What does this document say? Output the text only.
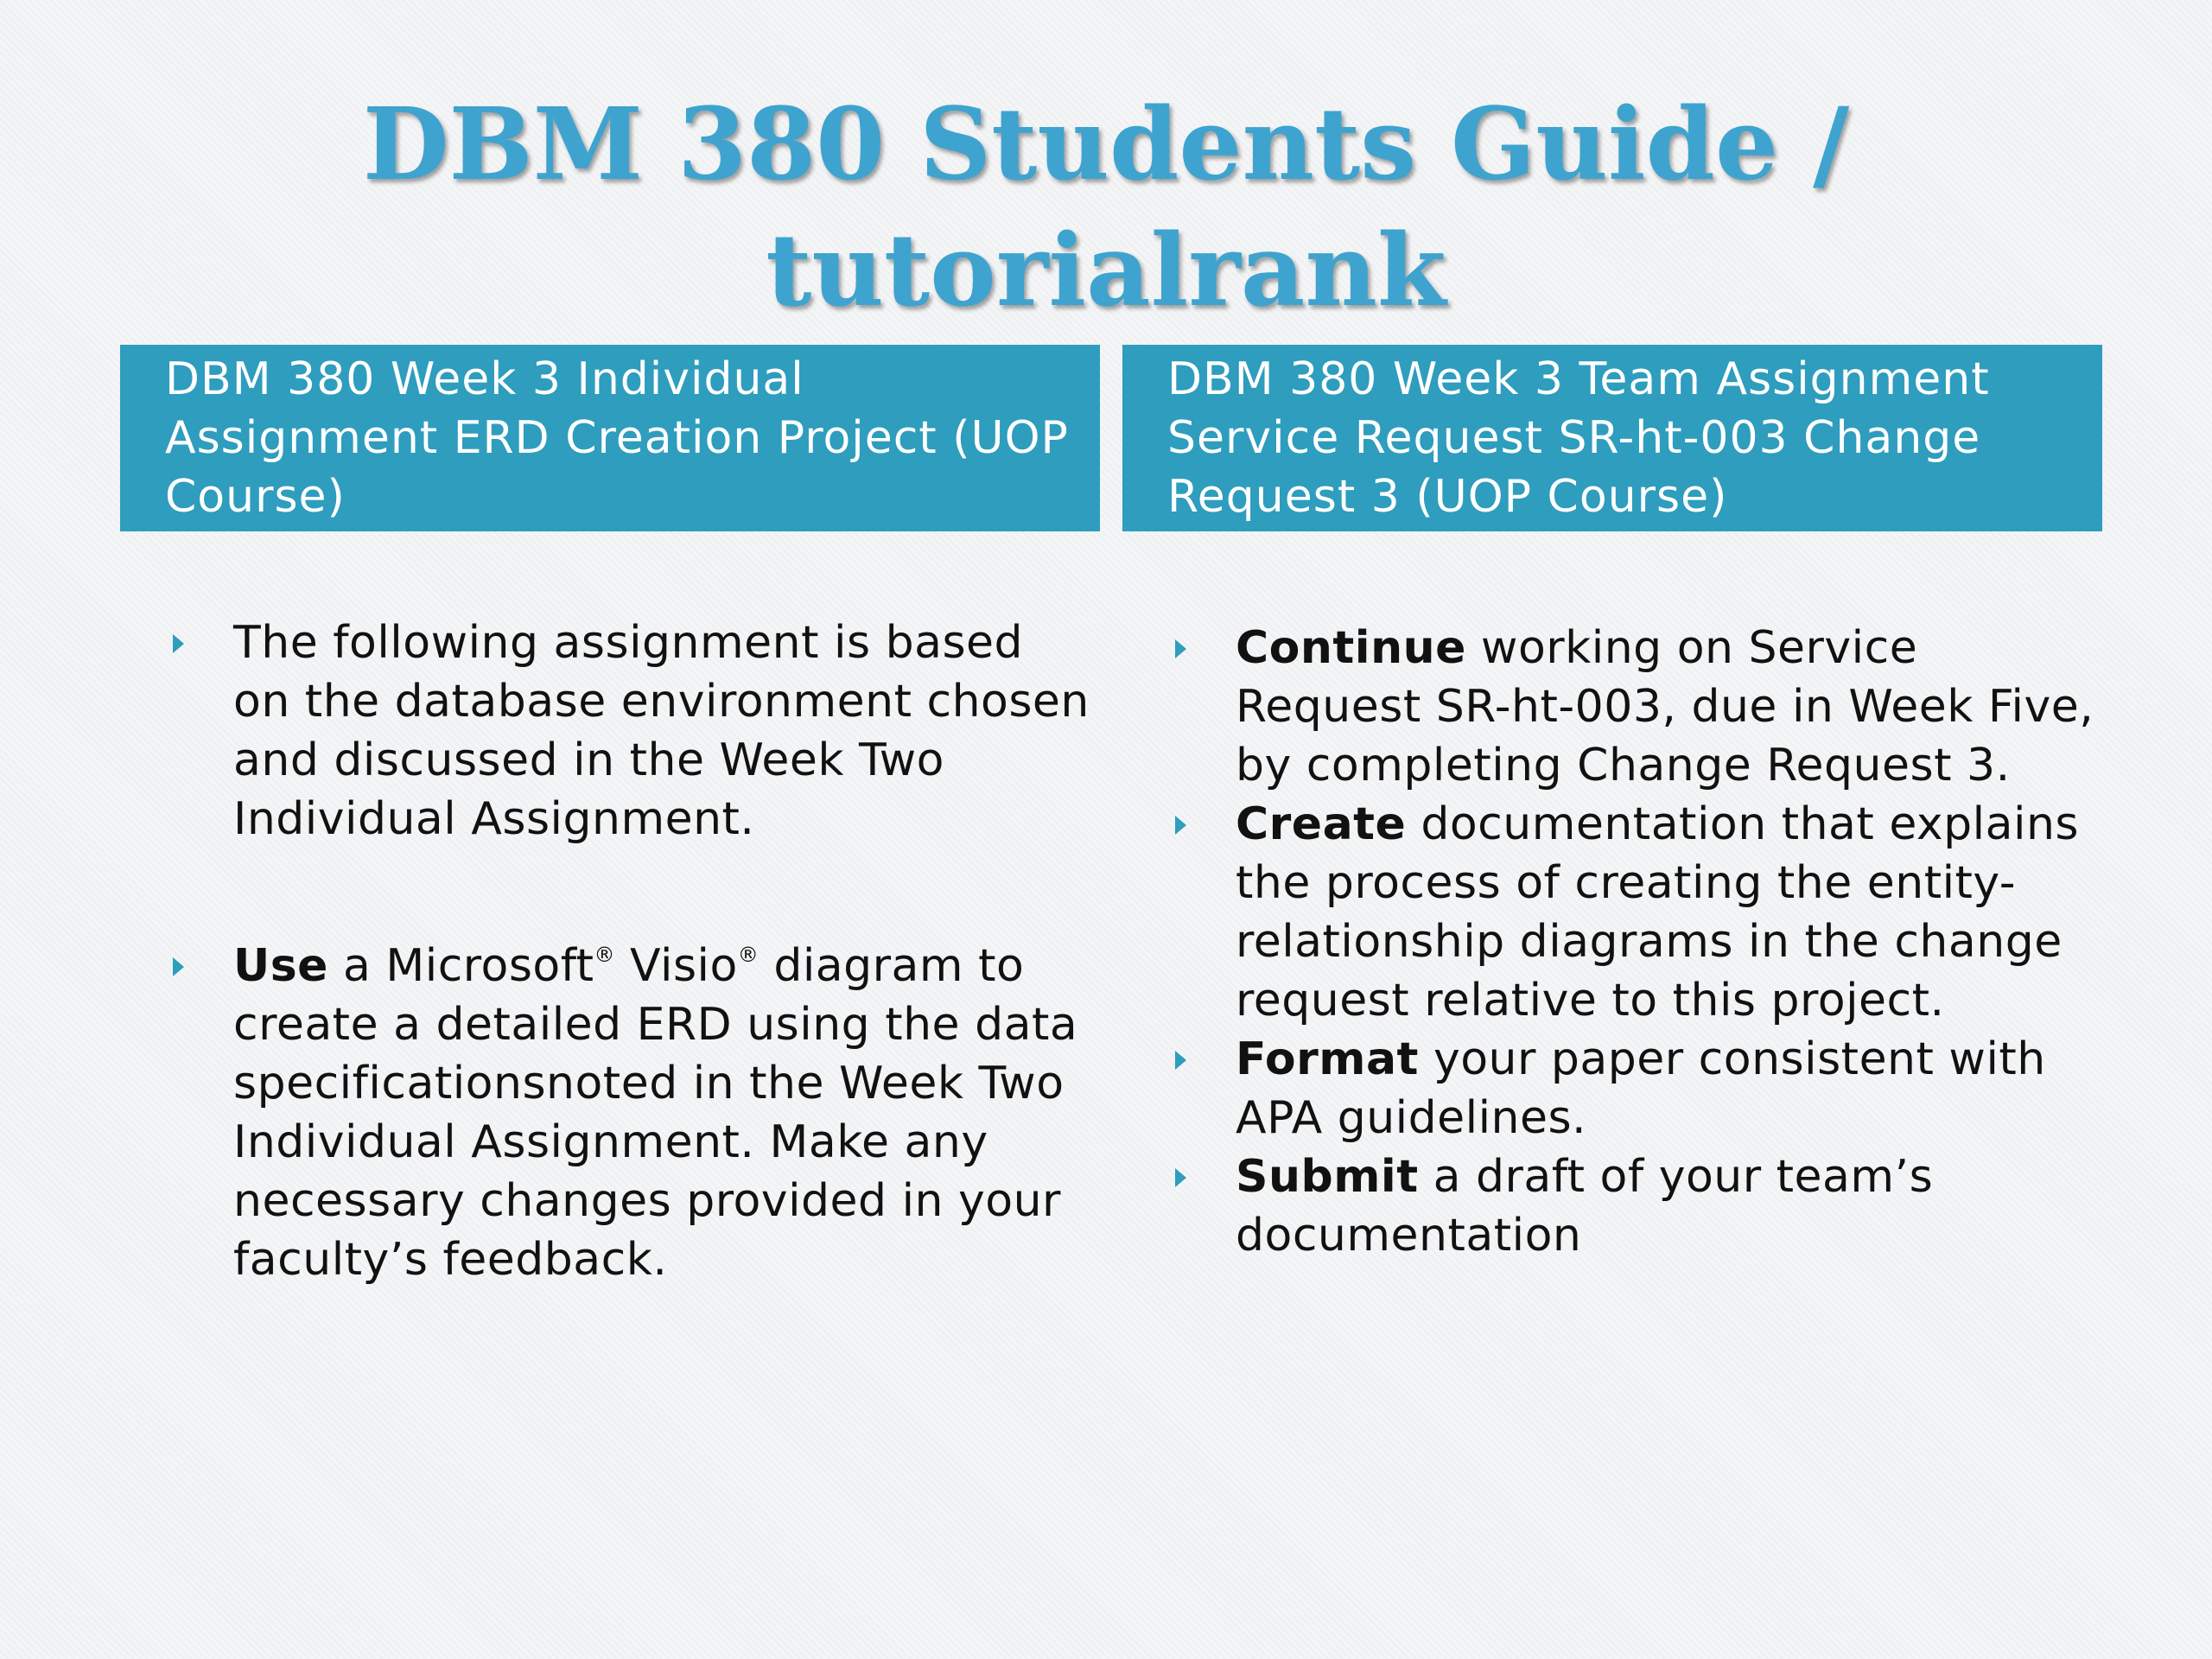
DBM 380 Students Guide /
tutorialrank
DBM 380 Week 3 Individual Assignment ERD Creation Project (UOP Course)
DBM 380 Week 3 Team Assignment Service Request SR-ht-003 Change Request 3 (UOP Course)
The following assignment is based on the database environment chosen and discussed in the Week Two Individual Assignment.
Use a Microsoft® Visio® diagram to create a detailed ERD using the data specificationsnoted in the Week Two Individual Assignment. Make any necessary changes provided in your faculty’s feedback.
Continue working on Service Request SR-ht-003, due in Week Five, by completing Change Request 3.
Create documentation that explains the process of creating the entity-relationship diagrams in the change request relative to this project.
Format your paper consistent with APA guidelines.
Submit a draft of your team’s documentation
